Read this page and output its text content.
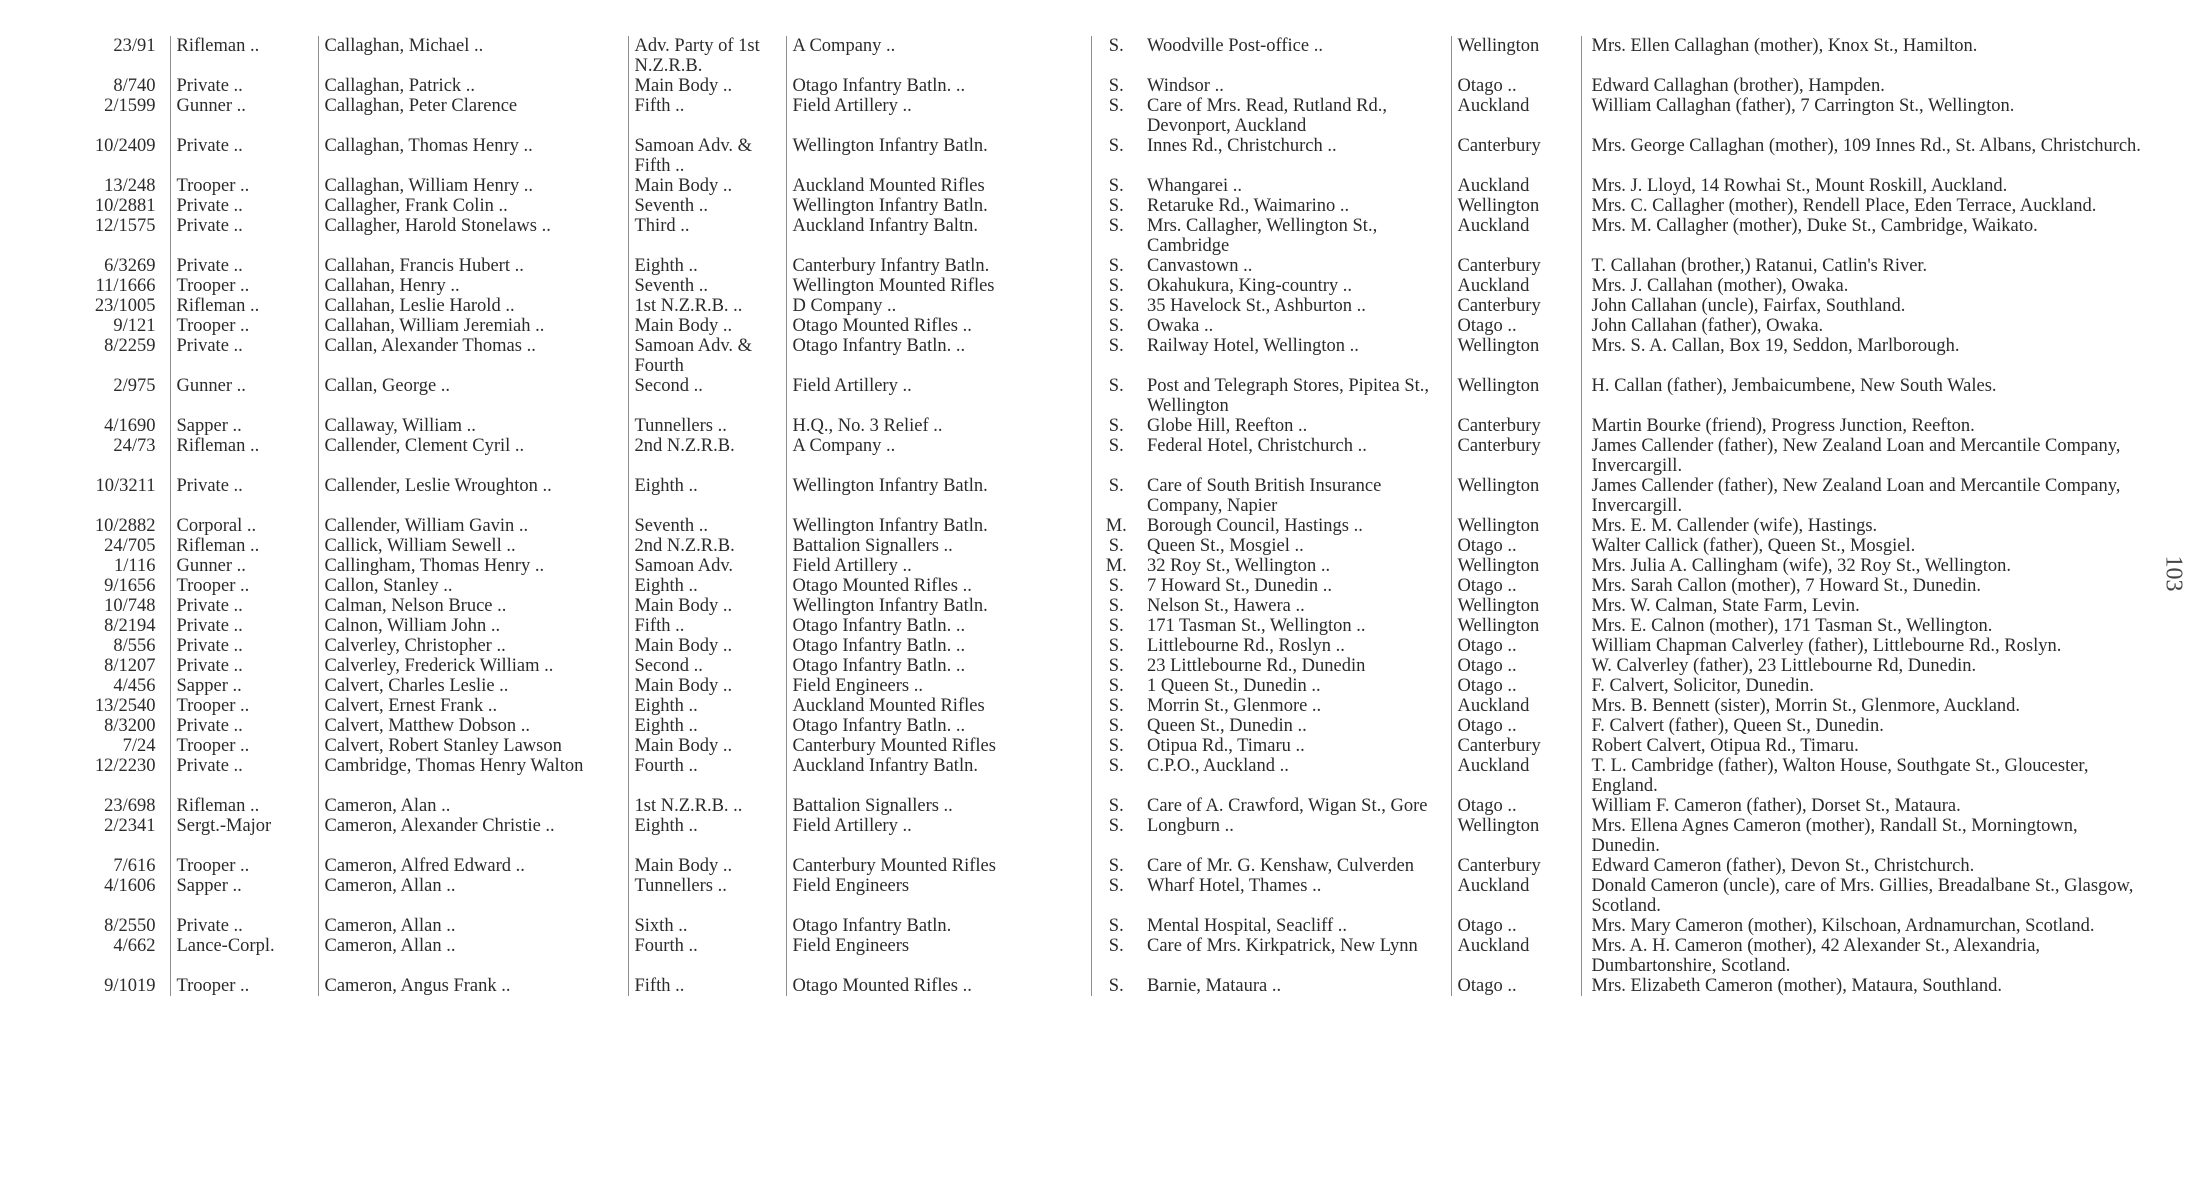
23/91	Rifleman ..	Callaghan, Michael ..	Adv. Party of 1st N.Z.R.B.	A Company ..	S.	Woodville Post-office ..	Wellington	Mrs. Ellen Callaghan (mother), Knox St., Hamilton.
8/740	Private ..	Callaghan, Patrick ..	Main Body ..	Otago Infantry Batln. ..	S.	Windsor ..	Otago ..	Edward Callaghan (brother), Hampden.
2/1599	Gunner ..	Callaghan, Peter Clarence	Fifth ..	Field Artillery ..	S.	Care of Mrs. Read, Rutland Rd., Devonport, Auckland	Auckland	William Callaghan (father), 7 Carrington St., Wellington.
10/2409	Private ..	Callaghan, Thomas Henry ..	Samoan Adv. & Fifth ..	Wellington Infantry Batln.	S.	Innes Rd., Christchurch ..	Canterbury	Mrs. George Callaghan (mother), 109 Innes Rd., St. Albans, Christchurch.
13/248	Trooper ..	Callaghan, William Henry ..	Main Body ..	Auckland Mounted Rifles	S.	Whangarei ..	Auckland	Mrs. J. Lloyd, 14 Rowhai St., Mount Roskill, Auckland.
10/2881	Private ..	Callagher, Frank Colin ..	Seventh ..	Wellington Infantry Batln.	S.	Retaruke Rd., Waimarino ..	Wellington	Mrs. C. Callagher (mother), Rendell Place, Eden Terrace, Auckland.
12/1575	Private ..	Callagher, Harold Stonelaws ..	Third ..	Auckland Infantry Baltn.	S.	Mrs. Callagher, Wellington St., Cambridge	Auckland	Mrs. M. Callagher (mother), Duke St., Cambridge, Waikato.
6/3269	Private ..	Callahan, Francis Hubert ..	Eighth ..	Canterbury Infantry Batln.	S.	Canvastown ..	Canterbury	T. Callahan (brother,) Ratanui, Catlin's River.
11/1666	Trooper ..	Callahan, Henry ..	Seventh ..	Wellington Mounted Rifles	S.	Okahukura, King-country ..	Auckland	Mrs. J. Callahan (mother), Owaka.
23/1005	Rifleman ..	Callahan, Leslie Harold ..	1st N.Z.R.B. ..	D Company ..	S.	35 Havelock St., Ashburton ..	Canterbury	John Callahan (uncle), Fairfax, Southland.
9/121	Trooper ..	Callahan, William Jeremiah ..	Main Body ..	Otago Mounted Rifles ..	S.	Owaka ..	Otago ..	John Callahan (father), Owaka.
8/2259	Private ..	Callan, Alexander Thomas ..	Samoan Adv. & Fourth	Otago Infantry Batln. ..	S.	Railway Hotel, Wellington ..	Wellington	Mrs. S. A. Callan, Box 19, Seddon, Marlborough.
2/975	Gunner ..	Callan, George ..	Second ..	Field Artillery ..	S.	Post and Telegraph Stores, Pipitea St., Wellington	Wellington	H. Callan (father), Jembaicumbene, New South Wales.
4/1690	Sapper ..	Callaway, William ..	Tunnellers ..	H.Q., No. 3 Relief ..	S.	Globe Hill, Reefton ..	Canterbury	Martin Bourke (friend), Progress Junction, Reefton.
24/73	Rifleman ..	Callender, Clement Cyril ..	2nd N.Z.R.B.	A Company ..	S.	Federal Hotel, Christchurch ..	Canterbury	James Callender (father), New Zealand Loan and Mercantile Company, Invercargill.
10/3211	Private ..	Callender, Leslie Wroughton ..	Eighth ..	Wellington Infantry Batln.	S.	Care of South British Insurance Company, Napier	Wellington	James Callender (father), New Zealand Loan and Mercantile Company, Invercargill.
10/2882	Corporal ..	Callender, William Gavin ..	Seventh ..	Wellington Infantry Batln.	M.	Borough Council, Hastings ..	Wellington	Mrs. E. M. Callender (wife), Hastings.
24/705	Rifleman ..	Callick, William Sewell ..	2nd N.Z.R.B.	Battalion Signallers ..	S.	Queen St., Mosgiel ..	Otago ..	Walter Callick (father), Queen St., Mosgiel.
1/116	Gunner ..	Callingham, Thomas Henry ..	Samoan Adv.	Field Artillery ..	M.	32 Roy St., Wellington ..	Wellington	Mrs. Julia A. Callingham (wife), 32 Roy St., Wellington.
9/1656	Trooper ..	Callon, Stanley ..	Eighth ..	Otago Mounted Rifles ..	S.	7 Howard St., Dunedin ..	Otago ..	Mrs. Sarah Callon (mother), 7 Howard St., Dunedin.
10/748	Private ..	Calman, Nelson Bruce ..	Main Body ..	Wellington Infantry Batln.	S.	Nelson St., Hawera ..	Wellington	Mrs. W. Calman, State Farm, Levin.
8/2194	Private ..	Calnon, William John ..	Fifth ..	Otago Infantry Batln. ..	S.	171 Tasman St., Wellington ..	Wellington	Mrs. E. Calnon (mother), 171 Tasman St., Wellington.
8/556	Private ..	Calverley, Christopher ..	Main Body ..	Otago Infantry Batln. ..	S.	Littlebourne Rd., Roslyn ..	Otago ..	William Chapman Calverley (father), Littlebourne Rd., Roslyn.
8/1207	Private ..	Calverley, Frederick William ..	Second ..	Otago Infantry Batln. ..	S.	23 Littlebourne Rd., Dunedin	Otago ..	W. Calverley (father), 23 Littlebourne Rd, Dunedin.
4/456	Sapper ..	Calvert, Charles Leslie ..	Main Body ..	Field Engineers ..	S.	1 Queen St., Dunedin ..	Otago ..	F. Calvert, Solicitor, Dunedin.
13/2540	Trooper ..	Calvert, Ernest Frank ..	Eighth ..	Auckland Mounted Rifles	S.	Morrin St., Glenmore ..	Auckland	Mrs. B. Bennett (sister), Morrin St., Glenmore, Auckland.
8/3200	Private ..	Calvert, Matthew Dobson ..	Eighth ..	Otago Infantry Batln. ..	S.	Queen St., Dunedin ..	Otago ..	F. Calvert (father), Queen St., Dunedin.
7/24	Trooper ..	Calvert, Robert Stanley Lawson	Main Body ..	Canterbury Mounted Rifles	S.	Otipua Rd., Timaru ..	Canterbury	Robert Calvert, Otipua Rd., Timaru.
12/2230	Private ..	Cambridge, Thomas Henry Walton	Fourth ..	Auckland Infantry Batln.	S.	C.P.O., Auckland ..	Auckland	T. L. Cambridge (father), Walton House, Southgate St., Gloucester, England.
23/698	Rifleman ..	Cameron, Alan ..	1st N.Z.R.B. ..	Battalion Signallers ..	S.	Care of A. Crawford, Wigan St., Gore	Otago ..	William F. Cameron (father), Dorset St., Mataura.
2/2341	Sergt.-Major	Cameron, Alexander Christie ..	Eighth ..	Field Artillery ..	S.	Longburn ..	Wellington	Mrs. Ellena Agnes Cameron (mother), Randall St., Morningtown, Dunedin.
7/616	Trooper ..	Cameron, Alfred Edward ..	Main Body ..	Canterbury Mounted Rifles	S.	Care of Mr. G. Kenshaw, Culverden	Canterbury	Edward Cameron (father), Devon St., Christchurch.
4/1606	Sapper ..	Cameron, Allan ..	Tunnellers ..	Field Engineers	S.	Wharf Hotel, Thames ..	Auckland	Donald Cameron (uncle), care of Mrs. Gillies, Breadalbane St., Glasgow, Scotland.
8/2550	Private ..	Cameron, Allan ..	Sixth ..	Otago Infantry Batln.	S.	Mental Hospital, Seacliff ..	Otago ..	Mrs. Mary Cameron (mother), Kilschoan, Ardnamurchan, Scotland.
4/662	Lance-Corpl.	Cameron, Allan ..	Fourth ..	Field Engineers	S.	Care of Mrs. Kirkpatrick, New Lynn	Auckland	Mrs. A. H. Cameron (mother), 42 Alexander St., Alexandria, Dumbartonshire, Scotland.
9/1019	Trooper ..	Cameron, Angus Frank ..	Fifth ..	Otago Mounted Rifles ..	S.	Barnie, Mataura ..	Otago ..	Mrs. Elizabeth Cameron (mother), Mataura, Southland.
103
